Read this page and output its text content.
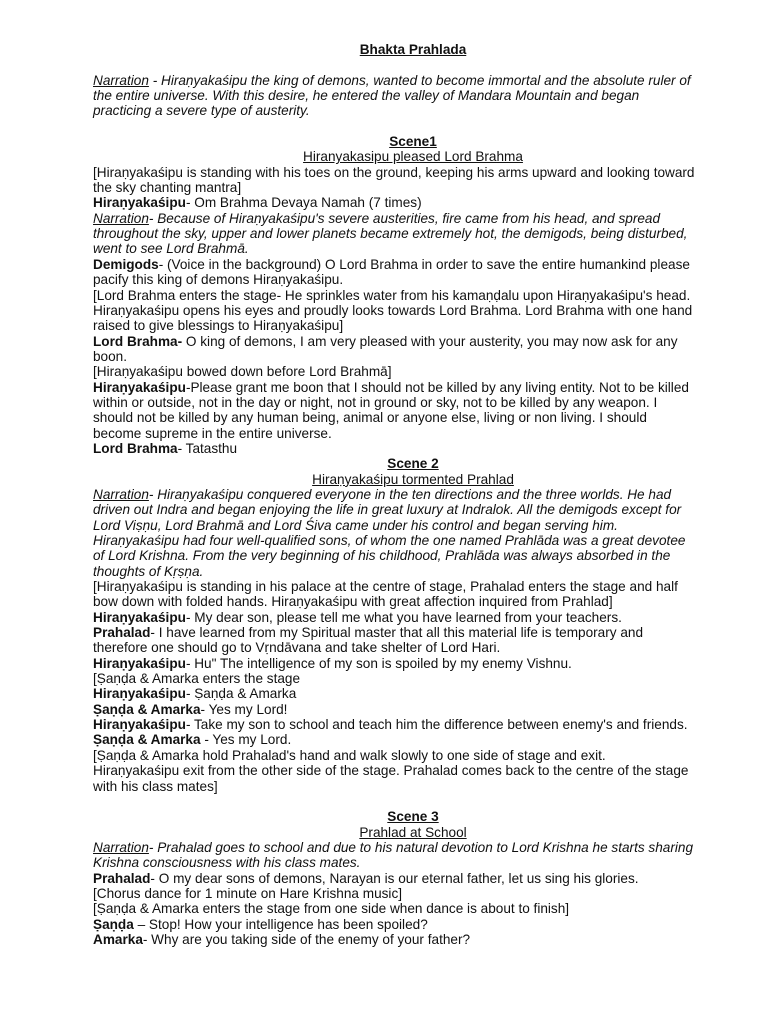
Bhakta Prahlada
Narration - Hiraṇyakaśipu the king of demons, wanted to become immortal and the absolute ruler of
the entire universe. With this desire, he entered the valley of Mandara Mountain and began
practicing a severe type of austerity.
Scene1
Hiranyakasipu pleased Lord Brahma
[Hiraṇyakaśipu is standing with his toes on the ground, keeping his arms upward and looking toward
the sky chanting mantra]
Hiraṇyakaśipu- Om Brahma Devaya Namah (7 times)
Narration- Because of Hiraṇyakaśipu's severe austerities, fire came from his head, and spread
throughout the sky, upper and lower planets became extremely hot, the demigods, being disturbed,
went to see Lord Brahmā.
Demigods- (Voice in the background) O Lord Brahma in order to save the entire humankind please
pacify this king of demons Hiraṇyakaśipu.
[Lord Brahma enters the stage- He sprinkles water from his kamaṇḍalu upon Hiraṇyakaśipu's head.
Hiraṇyakaśipu opens his eyes and proudly looks towards Lord Brahma. Lord Brahma with one hand
raised to give blessings to Hiraṇyakaśipu]
Lord Brahma- O king of demons, I am very pleased with your austerity, you may now ask for any
boon.
[Hiraṇyakaśipu bowed down before Lord Brahmā]
Hiraṇyakaśipu-Please grant me boon that I should not be killed by any living entity. Not to be killed
within or outside, not in the day or night, not in ground or sky, not to be killed by any weapon. I
should not be killed by any human being, animal or anyone else, living or non living. I should
become supreme in the entire universe.
Lord Brahma- Tatasthu
Scene 2
Hiraṇyakaśipu tormented Prahlad
Narration- Hiraṇyakaśipu conquered everyone in the ten directions and the three worlds. He had
driven out Indra and began enjoying the life in great luxury at Indralok. All the demigods except for
Lord Viṣṇu, Lord Brahmā and Lord Śiva came under his control and began serving him.
Hiraṇyakaśipu had four well-qualified sons, of whom the one named Prahlāda was a great devotee
of Lord Krishna. From the very beginning of his childhood, Prahlāda was always absorbed in the
thoughts of Kṛṣṇa.
[Hiraṇyakaśipu is standing in his palace at the centre of stage, Prahalad enters the stage and half
bow down with folded hands. Hiraṇyakaśipu with great affection inquired from Prahlad]
Hiraṇyakaśipu- My dear son, please tell me what you have learned from your teachers.
Prahalad- I have learned from my Spiritual master that all this material life is temporary and
therefore one should go to Vṛndāvana and take shelter of Lord Hari.
Hiraṇyakaśipu- Hu" The intelligence of my son is spoiled by my enemy Vishnu.
[Ṣaṇḍa & Amarka enters the stage
Hiraṇyakaśipu- Ṣaṇḍa & Amarka
Ṣaṇḍa & Amarka- Yes my Lord!
Hiraṇyakaśipu- Take my son to school and teach him the difference between enemy's and friends.
Ṣaṇḍa & Amarka - Yes my Lord.
[Ṣaṇḍa & Amarka hold Prahalad's hand and walk slowly to one side of stage and exit.
Hiraṇyakaśipu exit from the other side of the stage. Prahalad comes back to the centre of the stage
with his class mates]
Scene 3
Prahlad at School
Narration- Prahalad goes to school and due to his natural devotion to Lord Krishna he starts sharing
Krishna consciousness with his class mates.
Prahalad- O my dear sons of demons, Narayan is our eternal father, let us sing his glories.
[Chorus dance for 1 minute on Hare Krishna music]
[Ṣaṇḍa & Amarka enters the stage from one side when dance is about to finish]
Ṣaṇḍa – Stop! How your intelligence has been spoiled?
Amarka- Why are you taking side of the enemy of your father?
